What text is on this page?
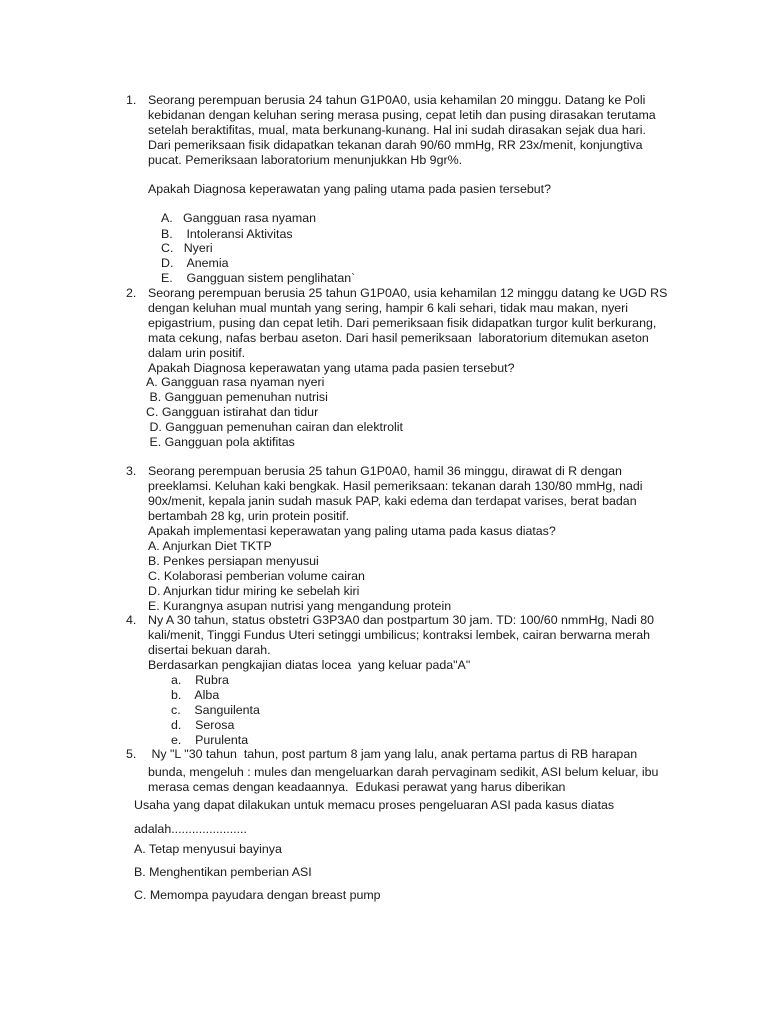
1. Seorang perempuan berusia 24 tahun G1P0A0, usia kehamilan 20 minggu. Datang ke Poli
kebidanan dengan keluhan sering merasa pusing, cepat letih dan pusing dirasakan terutama
setelah beraktifitas, mual, mata berkunang-kunang. Hal ini sudah dirasakan sejak dua hari.
Dari pemeriksaan fisik didapatkan tekanan darah 90/60 mmHg, RR 23x/menit, konjungtiva
pucat. Pemeriksaan laboratorium menunjukkan Hb 9gr%.
Apakah Diagnosa keperawatan yang paling utama pada pasien tersebut?
A.   Gangguan rasa nyaman
B.    Intoleransi Aktivitas
C.   Nyeri
D.    Anemia
E.    Gangguan sistem penglihatan`
2. Seorang perempuan berusia 25 tahun G1P0A0, usia kehamilan 12 minggu datang ke UGD RS
dengan keluhan mual muntah yang sering, hampir 6 kali sehari, tidak mau makan, nyeri
epigastrium, pusing dan cepat letih. Dari pemeriksaan fisik didapatkan turgor kulit berkurang,
mata cekung, nafas berbau aseton. Dari hasil pemeriksaan  laboratorium ditemukan aseton
dalam urin positif.
Apakah Diagnosa keperawatan yang utama pada pasien tersebut?
A. Gangguan rasa nyaman nyeri
B. Gangguan pemenuhan nutrisi
C. Gangguan istirahat dan tidur
D. Gangguan pemenuhan cairan dan elektrolit
E. Gangguan pola aktifitas
3. Seorang perempuan berusia 25 tahun G1P0A0, hamil 36 minggu, dirawat di R dengan
preeklamsi. Keluhan kaki bengkak. Hasil pemeriksaan: tekanan darah 130/80 mmHg, nadi
90x/menit, kepala janin sudah masuk PAP, kaki edema dan terdapat varises, berat badan
bertambah 28 kg, urin protein positif.
Apakah implementasi keperawatan yang paling utama pada kasus diatas?
A. Anjurkan Diet TKTP
B. Penkes persiapan menyusui
C. Kolaborasi pemberian volume cairan
D. Anjurkan tidur miring ke sebelah kiri
E. Kurangnya asupan nutrisi yang mengandung protein
4. Ny A 30 tahun, status obstetri G3P3A0 dan postpartum 30 jam. TD: 100/60 nmmHg, Nadi 80
kali/menit, Tinggi Fundus Uteri setinggi umbilicus; kontraksi lembek, cairan berwarna merah
disertai bekuan darah.
Berdasarkan pengkajian diatas locea  yang keluar pada"A"
a.    Rubra
b.    Alba
c.    Sanguilenta
d.    Serosa
e.    Purulenta
5. Ny "L "30 tahun  tahun, post partum 8 jam yang lalu, anak pertama partus di RB harapan
bunda, mengeluh : mules dan mengeluarkan darah pervaginam sedikit, ASI belum keluar, ibu
merasa cemas dengan keadaannya.  Edukasi perawat yang harus diberikan
Usaha yang dapat dilakukan untuk memacu proses pengeluaran ASI pada kasus diatas
adalah......................
A. Tetap menyusui bayinya
B. Menghentikan pemberian ASI
C. Memompa payudara dengan breast pump
